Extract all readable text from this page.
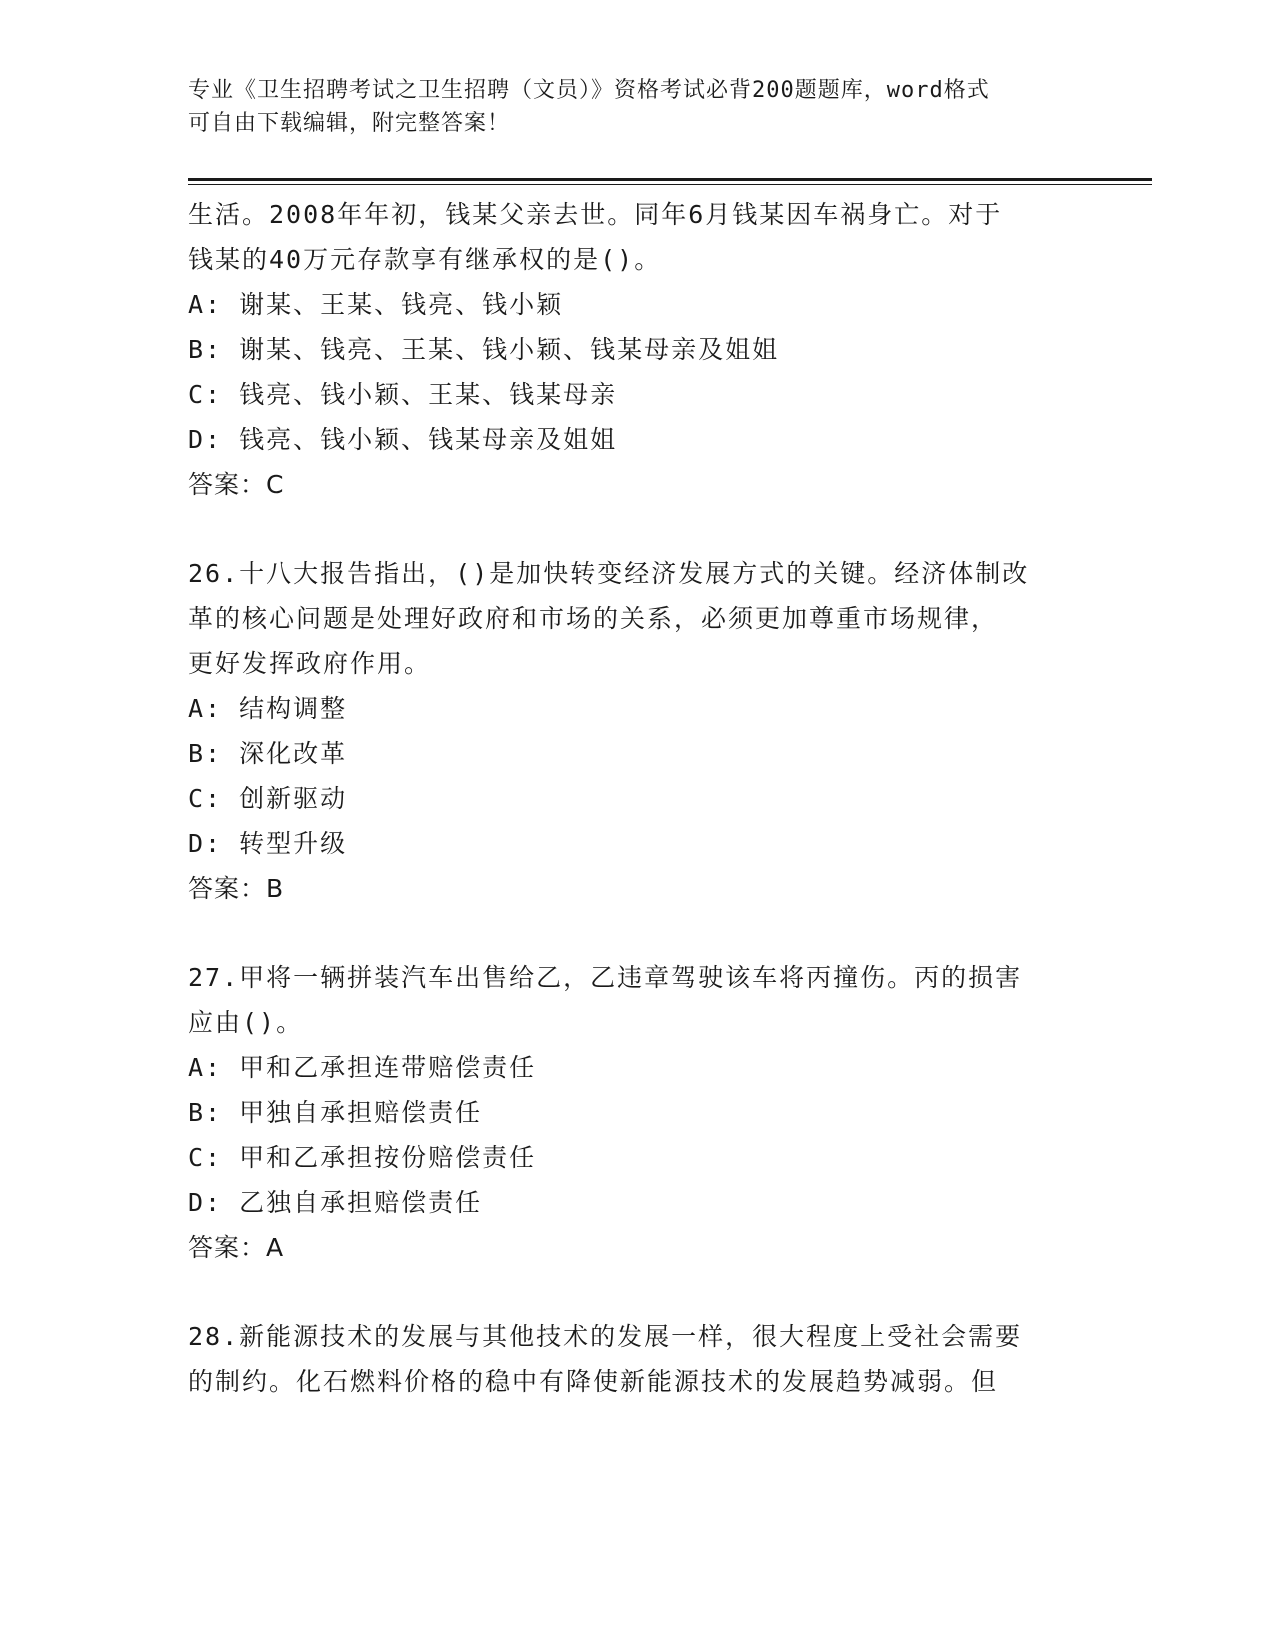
专业《卫生招聘考试之卫生招聘（文员）》资格考试必背200题题库，word格式
可自由下载编辑，附完整答案！
生活。2008年年初，钱某父亲去世。同年6月钱某因车祸身亡。对于
钱某的40万元存款享有继承权的是()。
A: 谢某、王某、钱亮、钱小颖
B: 谢某、钱亮、王某、钱小颖、钱某母亲及姐姐
C: 钱亮、钱小颖、王某、钱某母亲
D: 钱亮、钱小颖、钱某母亲及姐姐
答案：C
26.十八大报告指出，()是加快转变经济发展方式的关键。经济体制改
革的核心问题是处理好政府和市场的关系，必须更加尊重市场规律，
更好发挥政府作用。
A: 结构调整
B: 深化改革
C: 创新驱动
D: 转型升级
答案：B
27.甲将一辆拼装汽车出售给乙，乙违章驾驶该车将丙撞伤。丙的损害
应由()。
A: 甲和乙承担连带赔偿责任
B: 甲独自承担赔偿责任
C: 甲和乙承担按份赔偿责任
D: 乙独自承担赔偿责任
答案：A
28.新能源技术的发展与其他技术的发展一样，很大程度上受社会需要
的制约。化石燃料价格的稳中有降使新能源技术的发展趋势减弱。但
